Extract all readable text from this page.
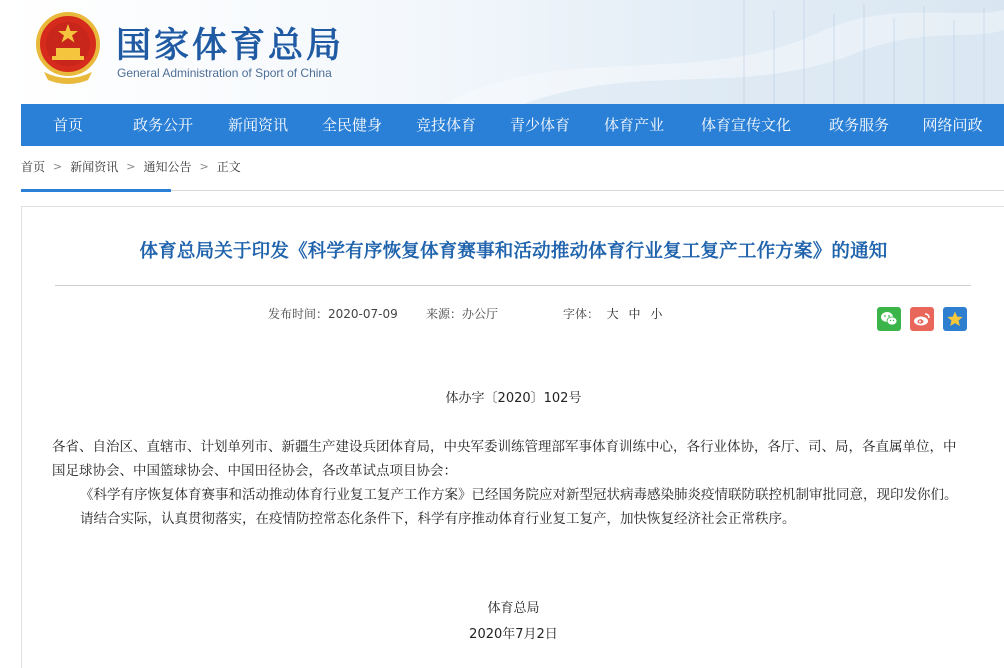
国家体育总局
General Administration of Sport of China
首页	政务公开	新闻资讯	全民健身	竞技体育	青少体育	体育产业	体育宣传文化	政务服务	网络问政
首页 > 新闻资讯 > 通知公告 > 正文
体育总局关于印发《科学有序恢复体育赛事和活动推动体育行业复工复产工作方案》的通知
发布时间：2020-07-09 来源：办公厅	字体： 大 中 小
体办字〔2020〕102号

各省、自治区、直辖市、计划单列市、新疆生产建设兵团体育局，中央军委训练管理部军事体育训练中心，各行业体协，各厅、司、局，各直属单位，中国足球协会、中国篮球协会、中国田径协会，各改革试点项目协会：

《科学有序恢复体育赛事和活动推动体育行业复工复产工作方案》已经国务院应对新型冠状病毒感染肺炎疫情联防联控机制审批同意，现印发你们。

请结合实际，认真贯彻落实，在疫情防控常态化条件下，科学有序推动体育行业复工复产，加快恢复经济社会正常秩序。

体育总局
2020年7月2日
